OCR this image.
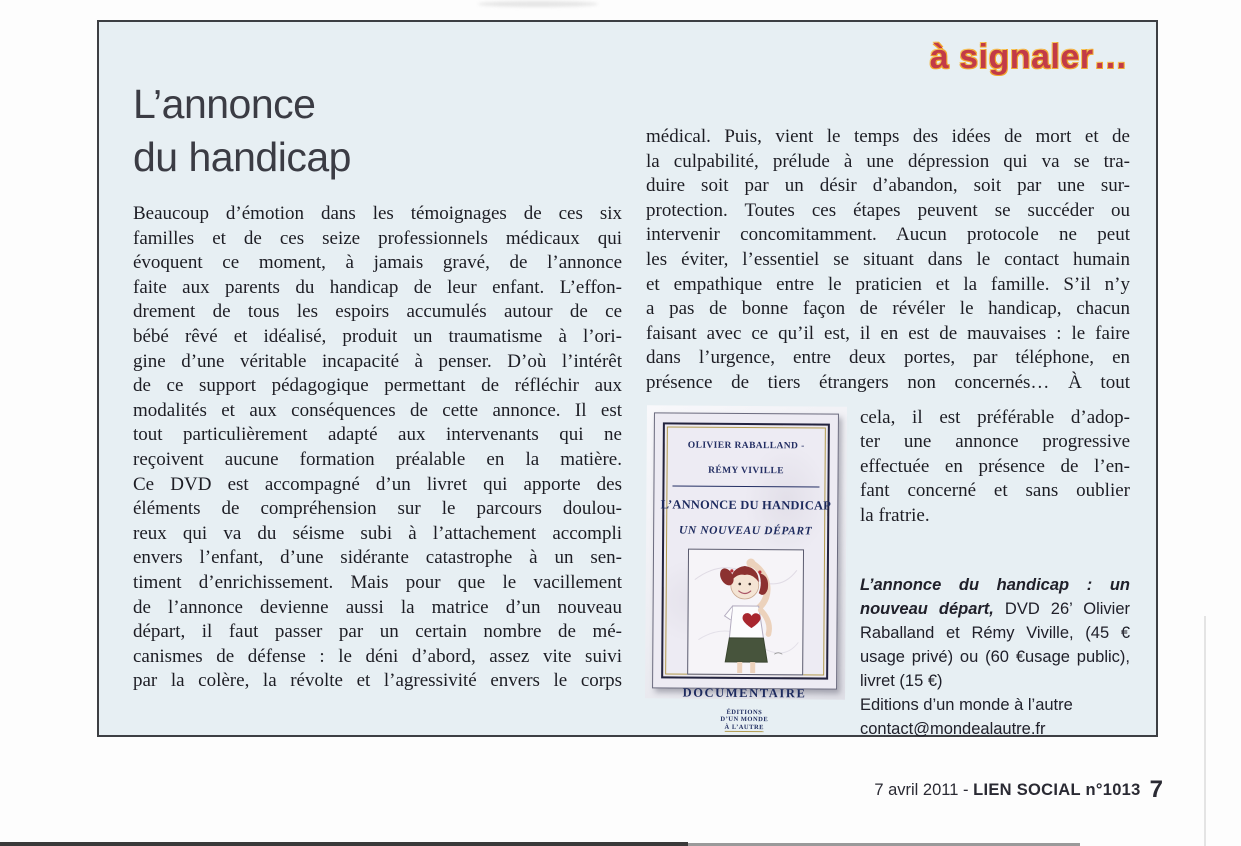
à signaler…
L’annonce
du handicap
Beaucoup d’émotion dans les témoignages de ces six
familles et de ces seize professionnels médicaux qui
évoquent ce moment, à jamais gravé, de l’annonce
faite aux parents du handicap de leur enfant. L’effon-
drement de tous les espoirs accumulés autour de ce
bébé rêvé et idéalisé, produit un traumatisme à l’ori-
gine d’une véritable incapacité à penser. D’où l’intérêt
de ce support pédagogique permettant de réfléchir aux
modalités et aux conséquences de cette annonce. Il est
tout particulièrement adapté aux intervenants qui ne
reçoivent aucune formation préalable en la matière.
Ce DVD est accompagné d’un livret qui apporte des
éléments de compréhension sur le parcours doulou-
reux qui va du séisme subi à l’attachement accompli
envers l’enfant, d’une sidérante catastrophe à un sen-
timent d’enrichissement. Mais pour que le vacillement
de l’annonce devienne aussi la matrice d’un nouveau
départ, il faut passer par un certain nombre de mé-
canismes de défense : le déni d’abord, assez vite suivi
par la colère, la révolte et l’agressivité envers le corps
médical. Puis, vient le temps des idées de mort et de
la culpabilité, prélude à une dépression qui va se tra-
duire soit par un désir d’abandon, soit par une sur-
protection. Toutes ces étapes peuvent se succéder ou
intervenir concomitamment. Aucun protocole ne peut
les éviter, l’essentiel se situant dans le contact humain
et empathique entre le praticien et la famille. S’il n’y
a pas de bonne façon de révéler le handicap, chacun
faisant avec ce qu’il est, il en est de mauvaises : le faire
dans l’urgence, entre deux portes, par téléphone, en
présence de tiers étrangers non concernés… À tout
OLIVIER RABALLAND - RÉMY VIVILLE
L’ANNONCE DU HANDICAP
UN NOUVEAU DÉPART
DOCUMENTAIRE
ÉDITIONS
D’UN MONDE
À L’AUTRE
cela, il est préférable d’adop-
ter une annonce progressive
effectuée en présence de l’en-
fant concerné et sans oublier
la fratrie.

L’annonce du handicap : un nouveau départ, DVD 26’ Olivier Raballand et Rémy Viville, (45 € usage privé) ou (60 €usage public), livret (15 €)

Editions d’un monde à l’autre
contact@mondealautre.fr
7 avril 2011 - LIEN SOCIAL n°1013 7
